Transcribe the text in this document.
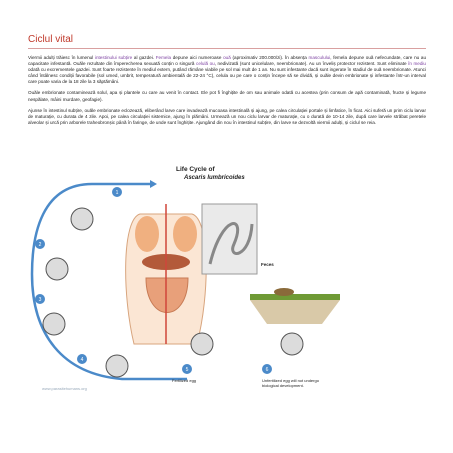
Ciclul vital

Viermii adulți trăiesc în lumenul intestinului subțire al gazdei. Femela depune aici numeroase ouă (aproximativ 200.000/zi). În absența masculului, femela depune ouă nefecundate, care nu au capacitate infestantă. Ouăle rezultate din împerecherea sexuată conțin o singură celulă ou, nedivizată (sunt unicelulare, neembrionate). Au un înveliș protector rezistent. Sunt eliminate în mediu odată cu excrementele gazdei. Sunt foarte rezistente în mediul extern, putând rămâne viabile pe sol mai mult de 1 an. Nu sunt infestante dacă sunt ingerate în stadiul de ouă neembrionate. Atunci când întâlnesc condiții favorabile (sol umed, umbrit, temperatură ambientală de 22-24 °C), celula ou pe care o conțin începe să se dividă, și ouăle devin embrionate și infestante într-un interval care poate varia de la 18 zile la 3 săptămâni.

Ouăle embrionate contaminează solul, apa și plantele cu care au venit în contact. Ele pot fi înghițite de om sau animale odată cu acestea (prin consum de apă contaminată, fructe și legume nespălate, mâini murdare, geofagie).

Ajunse în intestinul subțire, ouăle embrionate eclozează, eliberând larve care invadează mucoasa intestinală și ajung, pe calea circulației portale și limfatice, în ficat. Aici suferă un prim ciclu larvar de maturație, cu durata de 4 zile. Apoi, pe calea circulației sistemice, ajung în plămâni. Urmează un nou ciclu larvar de maturație, cu o durată de 10-14 zile, după care larvele străbat peretele alveolar și urcă prin arborele traheobronșic până în faringe, de unde sunt înghițite. Ajungând din nou în intestinul subțire, din larve se dezvoltă viermii adulți, și ciclul se reia.

Life Cycle of
Ascaris lumbricoides
1
2
3
4
5	6
Feces
Fertilized egg	Unfertilized egg will not undergo biological development.
www.parasitehumans.org
